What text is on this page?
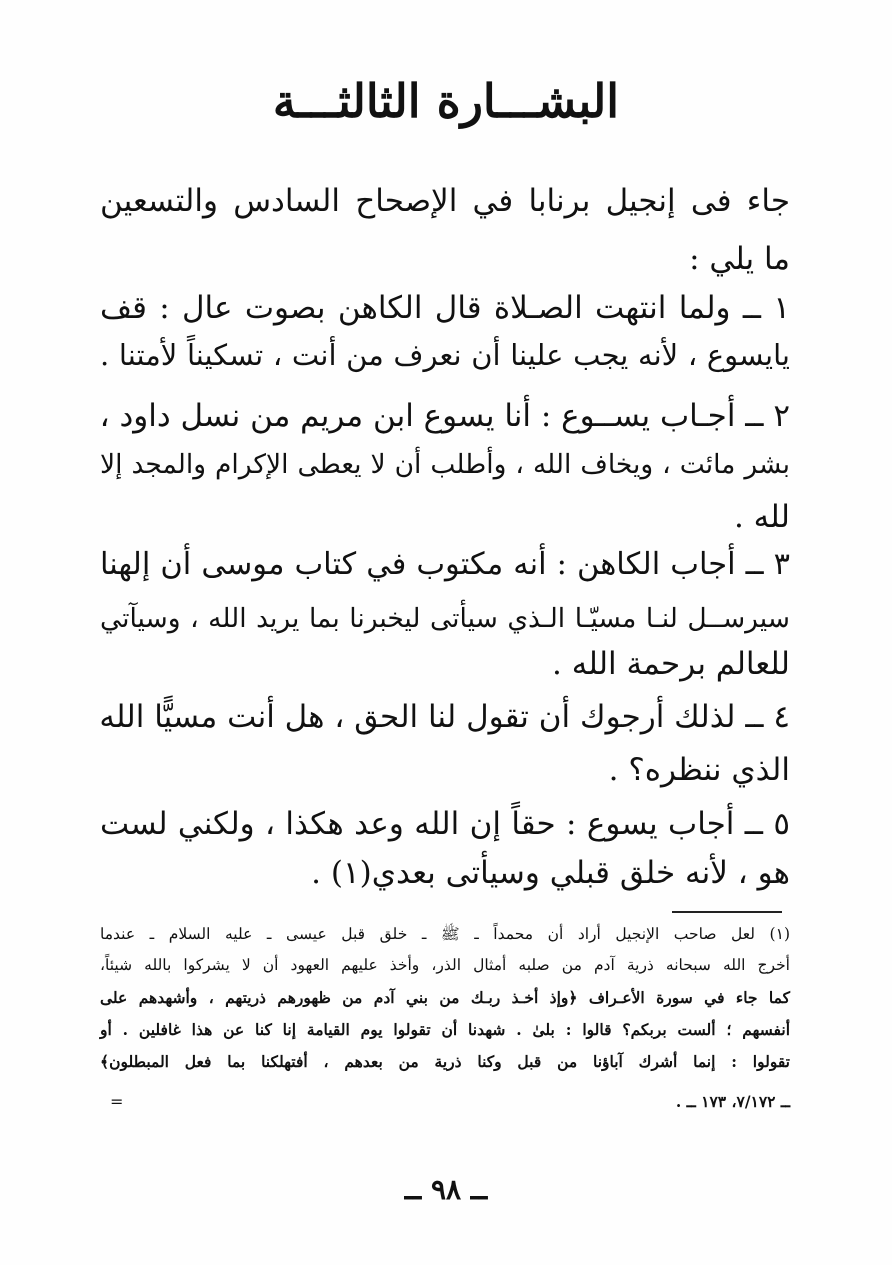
البشـــارة الثالثـــة
جاء فى إنجيل برنابا في الإصحاح السادس والتسعين
ما يلي :
١ ــ ولما انتهت الصـلاة قال الكاهن بصوت عال : قف
يايسوع ، لأنه يجب علينا أن نعرف من أنت ، تسكيناً لأمتنا .
٢ ــ أجـاب يســوع : أنا يسوع ابن مريم من نسل داود ،
بشر مائت ، ويخاف الله ، وأطلب أن لا يعطى الإكرام والمجد إلا
لله .
٣ ــ أجاب الكاهن : أنه مكتوب في كتاب موسى أن إلهنا
سيرســل لنـا مسيّـا الـذي سيأتى ليخبرنا بما يريد الله ، وسيآتي
للعالم برحمة الله .
٤ ــ لذلك أرجوك أن تقول لنا الحق ، هل أنت مسيًّا الله
الذي ننظره؟ .
٥ ــ أجاب يسوع : حقاً إن الله وعد هكذا ، ولكني لست
هو ، لأنه خلق قبلي وسيأتى بعدي(١) .
(١) لعل صاحب الإنجيل أراد أن محمداً ـ ﷺ ـ خلق قبل عيسى ـ عليه السلام ـ عندما
أخرج الله سبحانه ذرية آدم من صلبه أمثال الذر، وأخذ عليهم العهود أن لا يشركوا بالله شيئاً،
كما جاء في سورة الأعـراف ﴿وإذ أخـذ ربـك من بني آدم من ظهورهم ذريتهم ، وأشهدهم على
أنفسهم ؛ ألست بربكم؟ قالوا : بلىٰ . شهدنا أن تقولوا يوم القيامة إنا كنا عن هذا غافلين . أو
تقولوا : إنما أشرك آباؤنا من قبل وكنا ذرية من بعدهم ، أفتهلكنا بما فعل المبطلون﴾
ــ ٧/١٧٢، ١٧٣ ــ .
=
ــ ٩٨ ــ
